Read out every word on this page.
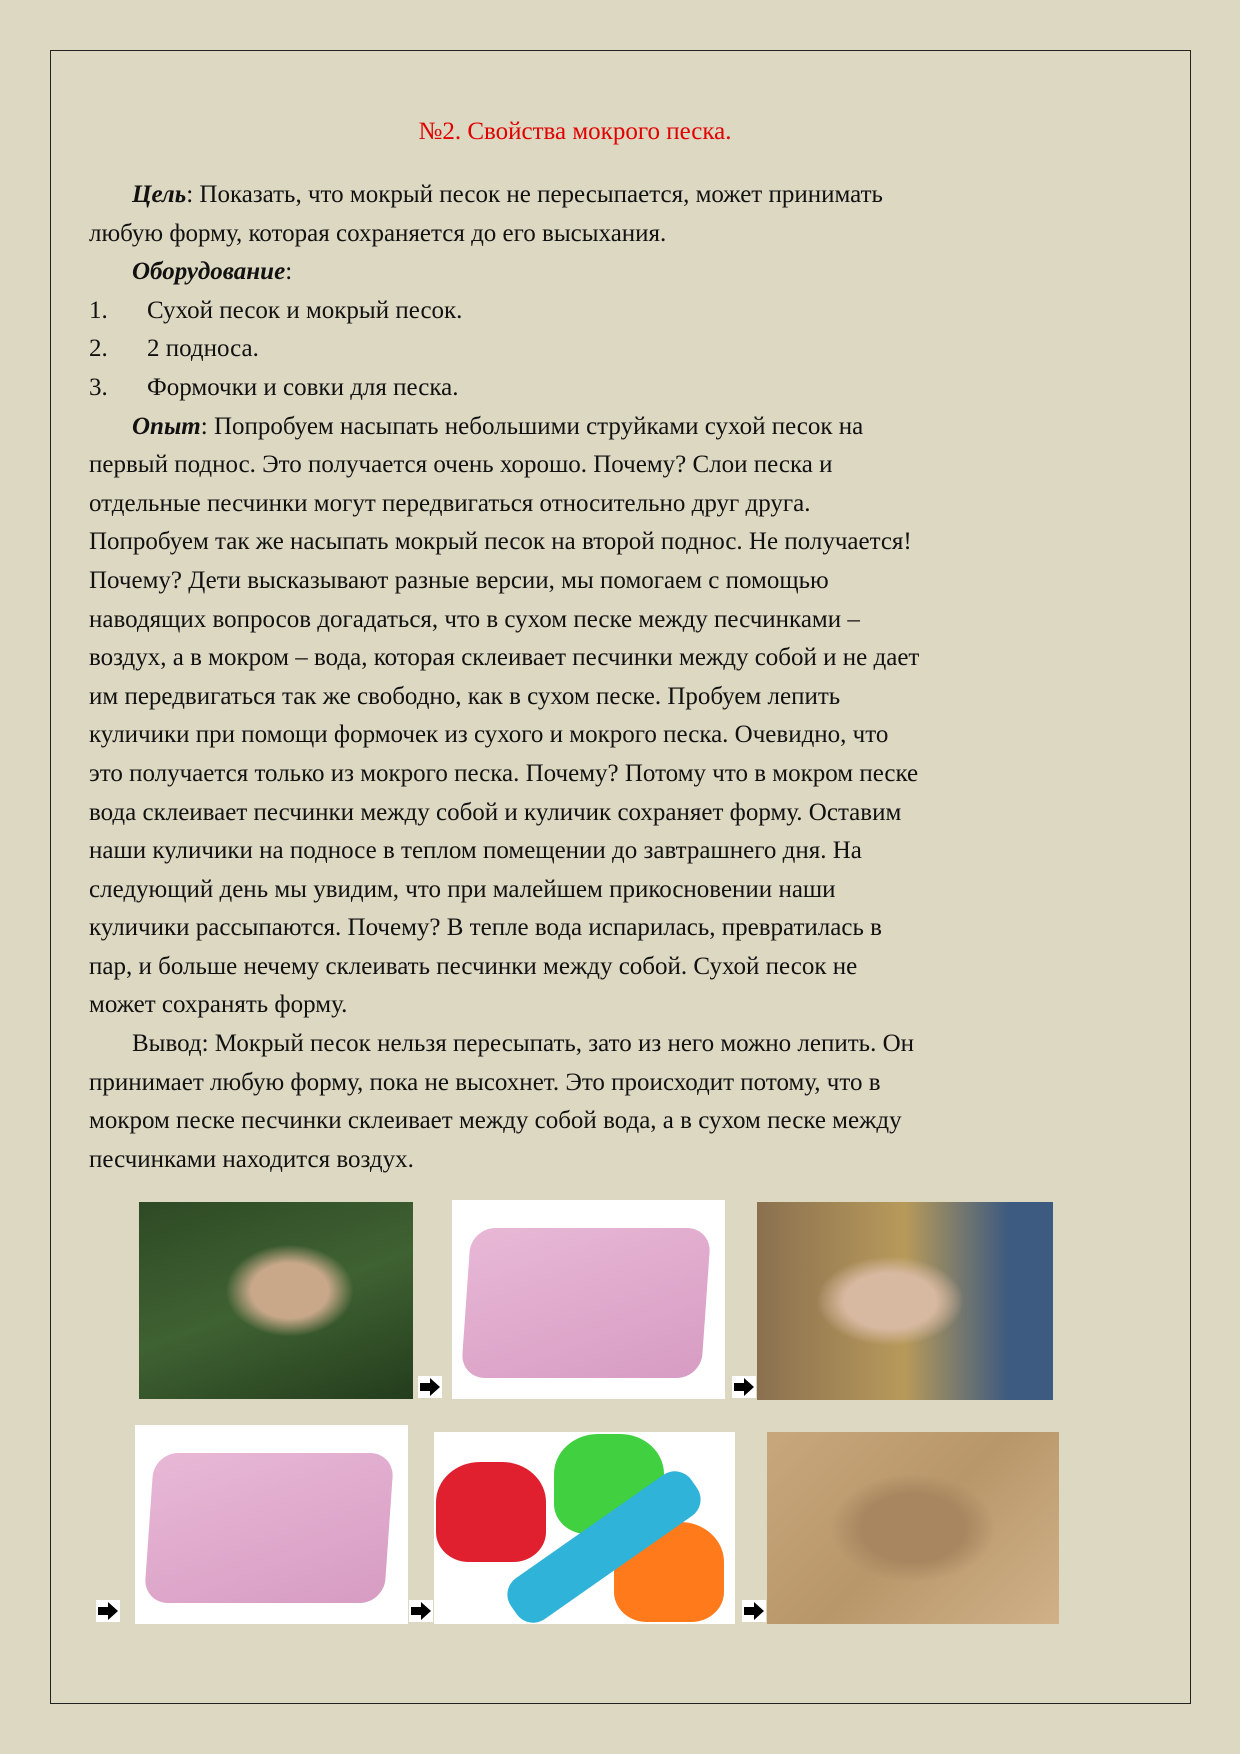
№2. Свойства мокрого песка.
Цель: Показать, что мокрый песок не пересыпается, может принимать
любую форму, которая сохраняется до его высыхания.
Оборудование:
1. Сухой песок и мокрый песок.
2. 2 подноса.
3. Формочки и совки для песка.
Опыт: Попробуем насыпать небольшими струйками сухой песок на
первый поднос. Это получается очень хорошо. Почему? Слои песка и
отдельные песчинки могут передвигаться относительно друг друга.
Попробуем так же насыпать мокрый песок на второй поднос. Не получается!
Почему? Дети высказывают разные версии, мы помогаем с помощью
наводящих вопросов догадаться, что в сухом песке между песчинками –
воздух, а в мокром – вода, которая склеивает песчинки между собой и не дает
им передвигаться так же свободно, как в сухом песке. Пробуем лепить
куличики при помощи формочек из сухого и мокрого песка. Очевидно, что
это получается только из мокрого песка. Почему? Потому что в мокром песке
вода склеивает песчинки между собой и куличик сохраняет форму. Оставим
наши куличики на подносе в теплом помещении до завтрашнего дня. На
следующий день мы увидим, что при малейшем прикосновении наши
куличики рассыпаются. Почему? В тепле вода испарилась, превратилась в
пар, и больше нечему склеивать песчинки между собой. Сухой песок не
может сохранять форму.
Вывод: Мокрый песок нельзя пересыпать, зато из него можно лепить. Он
принимает любую форму, пока не высохнет. Это происходит потому, что в
мокром песке песчинки склеивает между собой вода, а в сухом песке между
песчинками находится воздух.
